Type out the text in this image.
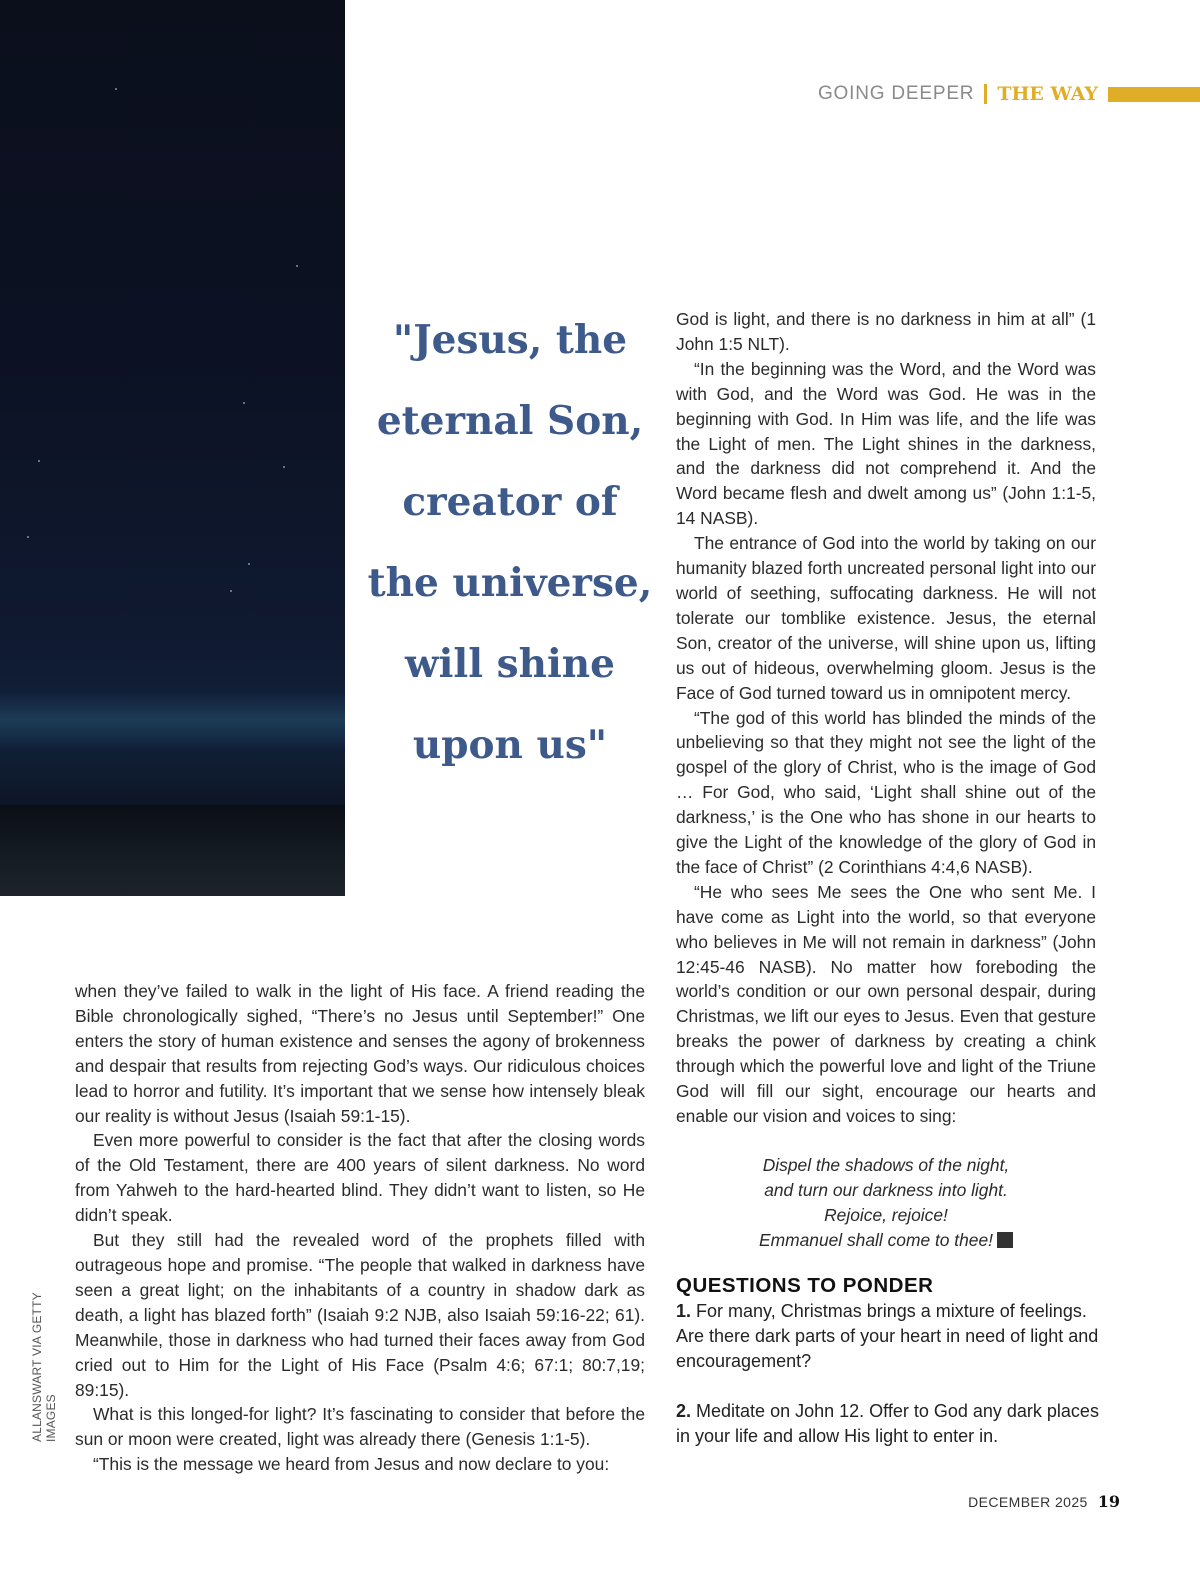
ALLANSWART VIA GETTY IMAGES
GOING DEEPER THE WAY
"Jesus, the
eternal Son,
creator of
the universe,
will shine
upon us"

when they’ve failed to walk in the light of His face. A friend reading the Bible chronologically sighed, “There’s no Jesus until September!” One enters the story of human existence and senses the agony of brokenness and despair that results from rejecting God’s ways. Our ridiculous choices lead to horror and futility. It’s important that we sense how intensely bleak our reality is without Jesus (Isaiah 59:1-15).

Even more powerful to consider is the fact that after the closing words of the Old Testament, there are 400 years of silent darkness. No word from Yahweh to the hard-hearted blind. They didn’t want to listen, so He didn’t speak.

But they still had the revealed word of the prophets filled with outrageous hope and promise. “The people that walked in darkness have seen a great light; on the inhabitants of a country in shadow dark as death, a light has blazed forth” (Isaiah 9:2 NJB, also Isaiah 59:16-22; 61). Meanwhile, those in darkness who had turned their faces away from God cried out to Him for the Light of His Face (Psalm 4:6; 67:1; 80:7,19; 89:15).

What is this longed-for light? It’s fascinating to consider that before the sun or moon were created, light was already there (Genesis 1:1-5).

“This is the message we heard from Jesus and now declare to you:

God is light, and there is no darkness in him at all” (1 John 1:5 NLT).

“In the beginning was the Word, and the Word was with God, and the Word was God. He was in the beginning with God. In Him was life, and the life was the Light of men. The Light shines in the darkness, and the darkness did not comprehend it. And the Word became flesh and dwelt among us” (John 1:1-5, 14 NASB).

The entrance of God into the world by taking on our humanity blazed forth uncreated personal light into our world of seething, suffocating darkness. He will not tolerate our tomblike existence. Jesus, the eternal Son, creator of the universe, will shine upon us, lifting us out of hideous, overwhelming gloom. Jesus is the Face of God turned toward us in omnipotent mercy.

“The god of this world has blinded the minds of the unbelieving so that they might not see the light of the gospel of the glory of Christ, who is the image of God … For God, who said, ‘Light shall shine out of the darkness,’ is the One who has shone in our hearts to give the Light of the knowledge of the glory of God in the face of Christ” (2 Corinthians 4:4,6 NASB).

“He who sees Me sees the One who sent Me. I have come as Light into the world, so that everyone who believes in Me will not remain in darkness” (John 12:45-46 NASB). No matter how foreboding the world’s condition or our own personal despair, during Christmas, we lift our eyes to Jesus. Even that gesture breaks the power of darkness by creating a chink through which the powerful love and light of the Triune God will fill our sight, encourage our hearts and enable our vision and voices to sing:

Dispel the shadows of the night,
and turn our darkness into light.
Rejoice, rejoice!
Emmanuel shall come to thee!
QUESTIONS TO PONDER

1. For many, Christmas brings a mixture of feelings. Are there dark parts of your heart in need of light and encouragement?

2. Meditate on John 12. Offer to God any dark places in your life and allow His light to enter in.

DECEMBER 2025 19
